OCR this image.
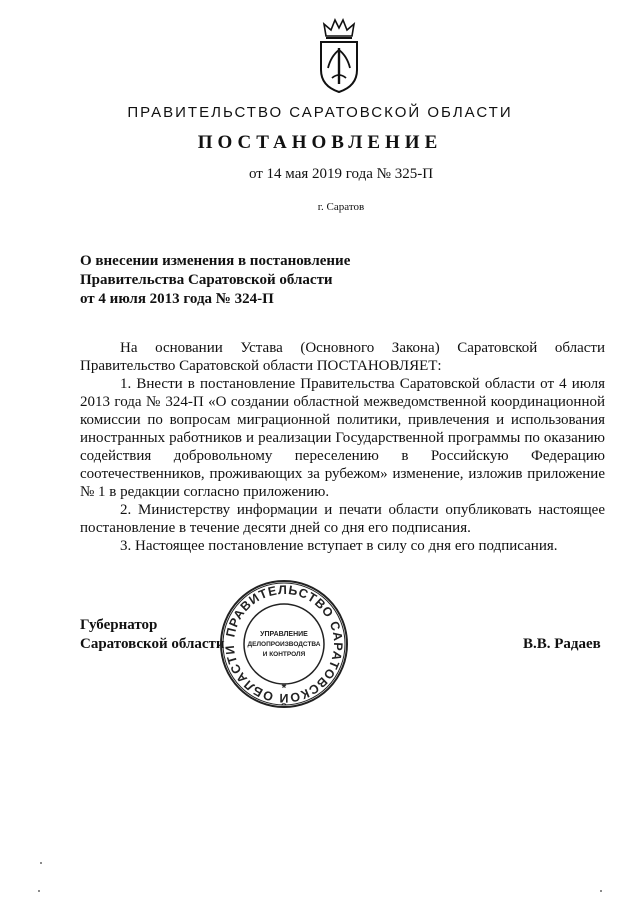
ПРАВИТЕЛЬСТВО САРАТОВСКОЙ ОБЛАСТИ
ПОСТАНОВЛЕНИЕ
от 14 мая 2019 года № 325-П
г. Саратов
О внесении изменения в постановление
Правительства Саратовской области
от 4 июля 2013 года № 324-П

На основании Устава (Основного Закона) Саратовской области Правительство Саратовской области ПОСТАНОВЛЯЕТ:

1. Внести в постановление Правительства Саратовской области от 4 июля 2013 года № 324-П «О создании областной межведомственной координационной комиссии по вопросам миграционной политики, привлечения и использования иностранных работников и реализации Государственной программы по оказанию содействия добровольному переселению в Российскую Федерацию соотечественников, проживающих за рубежом» изменение, изложив приложение № 1 в редакции согласно приложению.

2. Министерству информации и печати области опубликовать настоящее постановление в течение десяти дней со дня его подписания.

3. Настоящее постановление вступает в силу со дня его подписания.

Губернатор
Саратовской области	В.В. Радаев
ПРАВИТЕЛЬСТВО САРАТОВСКОЙ ОБЛАСТИ
УПРАВЛЕНИЕ
ДЕЛОПРОИЗВОДСТВА
И КОНТРОЛЯ
*
